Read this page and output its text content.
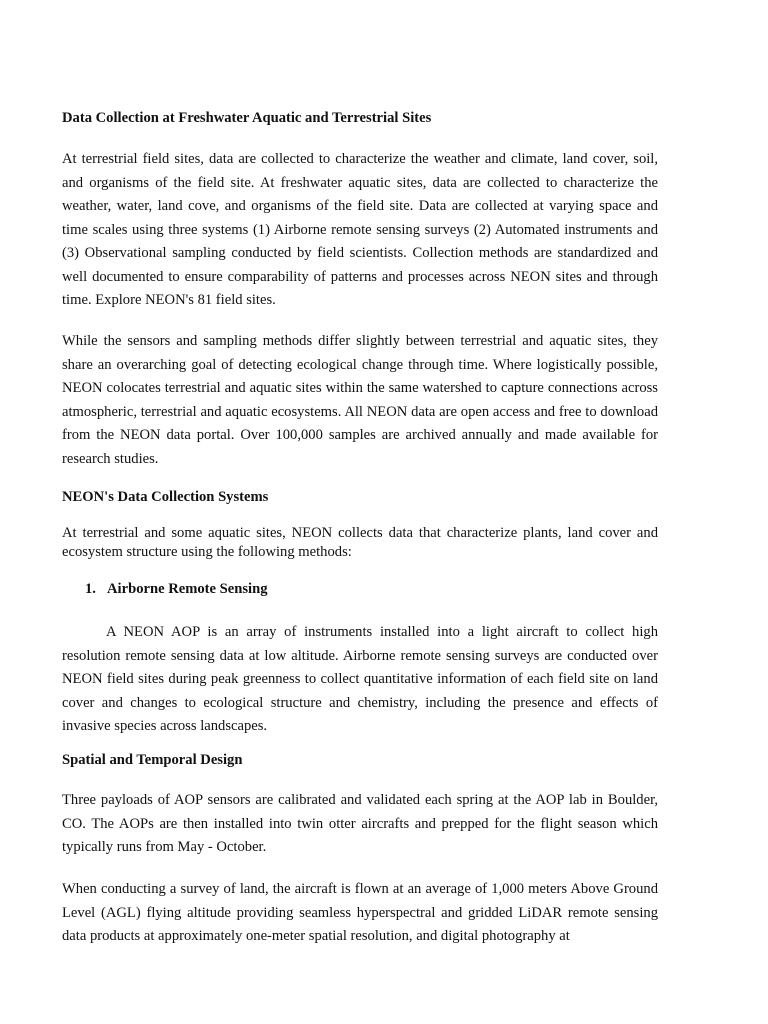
Data Collection at Freshwater Aquatic and Terrestrial Sites

At terrestrial field sites, data are collected to characterize the weather and climate, land cover, soil, and organisms of the field site. At freshwater aquatic sites, data are collected to characterize the weather, water, land cove, and organisms of the field site. Data are collected at varying space and time scales using three systems (1) Airborne remote sensing surveys (2) Automated instruments and (3) Observational sampling conducted by field scientists. Collection methods are standardized and well documented to ensure comparability of patterns and processes across NEON sites and through time. Explore NEON's 81 field sites.

While the sensors and sampling methods differ slightly between terrestrial and aquatic sites, they share an overarching goal of detecting ecological change through time. Where logistically possible, NEON colocates terrestrial and aquatic sites within the same watershed to capture connections across atmospheric, terrestrial and aquatic ecosystems. All NEON data are open access and free to download from the NEON data portal. Over 100,000 samples are archived annually and made available for research studies.

NEON's Data Collection Systems

At terrestrial and some aquatic sites, NEON collects data that characterize plants, land cover and ecosystem structure using the following methods:

1. Airborne Remote Sensing

A NEON AOP is an array of instruments installed into a light aircraft to collect high resolution remote sensing data at low altitude. Airborne remote sensing surveys are conducted over NEON field sites during peak greenness to collect quantitative information of each field site on land cover and changes to ecological structure and chemistry, including the presence and effects of invasive species across landscapes.

Spatial and Temporal Design

Three payloads of AOP sensors are calibrated and validated each spring at the AOP lab in Boulder, CO. The AOPs are then installed into twin otter aircrafts and prepped for the flight season which typically runs from May - October.

When conducting a survey of land, the aircraft is flown at an average of 1,000 meters Above Ground Level (AGL) flying altitude providing seamless hyperspectral and gridded LiDAR remote sensing data products at approximately one-meter spatial resolution, and digital photography at
